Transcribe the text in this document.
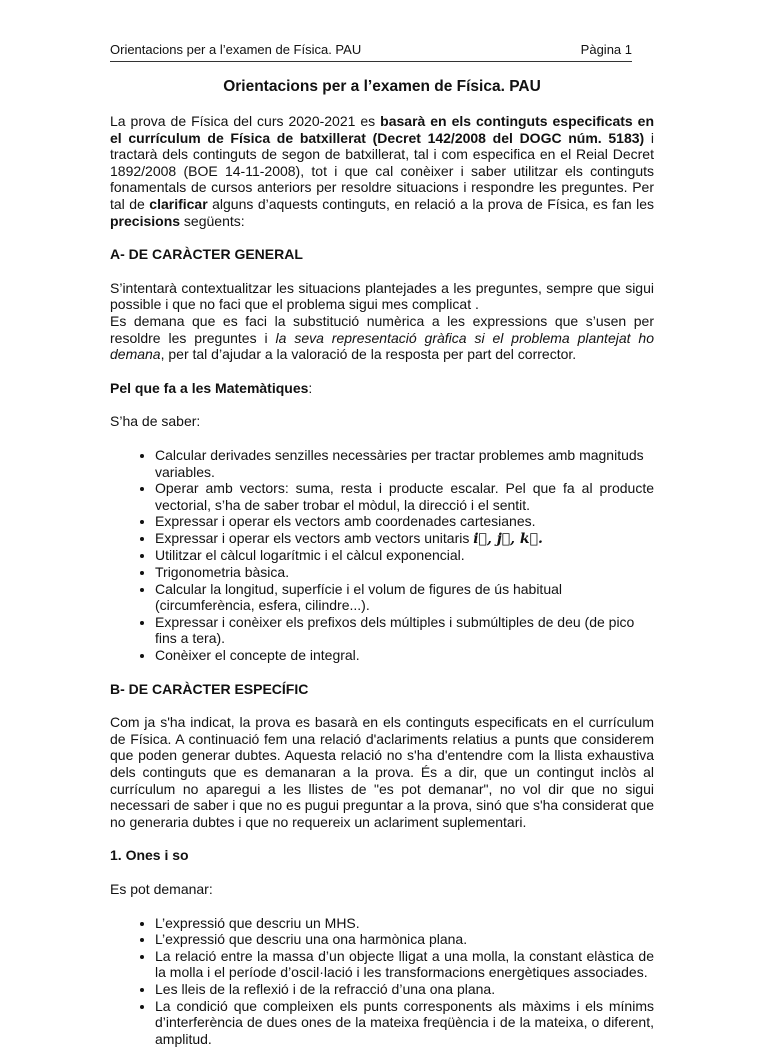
Orientacions per a l’examen de Física. PAU	Pàgina 1
Orientacions per a l’examen de Física. PAU

La prova de Física del curs 2020-2021 es basarà en els continguts especificats en el currículum de Física de batxillerat (Decret 142/2008 del DOGC núm. 5183) i tractarà dels continguts de segon de batxillerat, tal i com especifica en el Reial Decret 1892/2008 (BOE 14-11-2008), tot i que cal conèixer i saber utilitzar els continguts fonamentals de cursos anteriors per resoldre situacions i respondre les preguntes. Per tal de clarificar alguns d’aquests continguts, en relació a la prova de Física, es fan les precisions següents:

A- DE CARÀCTER GENERAL

S’intentarà contextualitzar les situacions plantejades a les preguntes, sempre que sigui possible i que no faci que el problema sigui mes complicat .

Es demana que es faci la substitució numèrica a les expressions que s’usen per resoldre les preguntes i la seva representació gràfica si el problema plantejat ho demana, per tal d’ajudar a la valoració de la resposta per part del corrector.

Pel que fa a les Matemàtiques:

S’ha de saber:

• Calcular derivades senzilles necessàries per tractar problemes amb magnituds variables.
• Operar amb vectors: suma, resta i producte escalar. Pel que fa al producte vectorial, s’ha de saber trobar el mòdul, la direcció i el sentit.
• Expressar i operar els vectors amb coordenades cartesianes.
• Expressar i operar els vectors amb vectors unitaris i⃗, j⃗, k⃗.
• Utilitzar el càlcul logarítmic i el càlcul exponencial.
• Trigonometria bàsica.
• Calcular la longitud, superfície i el volum de figures de ús habitual (circumferència, esfera, cilindre...).
• Expressar i conèixer els prefixos dels múltiples i submúltiples de deu (de pico fins a tera).
• Conèixer el concepte de integral.

B- DE CARÀCTER ESPECÍFIC

Com ja s'ha indicat, la prova es basarà en els continguts especificats en el currículum de Física. A continuació fem una relació d'aclariments relatius a punts que considerem que poden generar dubtes. Aquesta relació no s'ha d'entendre com la llista exhaustiva dels continguts que es demanaran a la prova. És a dir, que un contingut inclòs al currículum no aparegui a les llistes de "es pot demanar", no vol dir que no sigui necessari de saber i que no es pugui preguntar a la prova, sinó que s'ha considerat que no generaria dubtes i que no requereix un aclariment suplementari.

1. Ones i so

Es pot demanar:

• L’expressió que descriu un MHS.
• L’expressió que descriu una ona harmònica plana.
• La relació entre la massa d’un objecte lligat a una molla, la constant elàstica de la molla i el període d’oscil·lació i les transformacions energètiques associades.
• Les lleis de la reflexió i de la refracció d’una ona plana.
• La condició que compleixen els punts corresponents als màxims i els mínims d’interferència de dues ones de la mateixa freqüència i de la mateixa, o diferent, amplitud.
